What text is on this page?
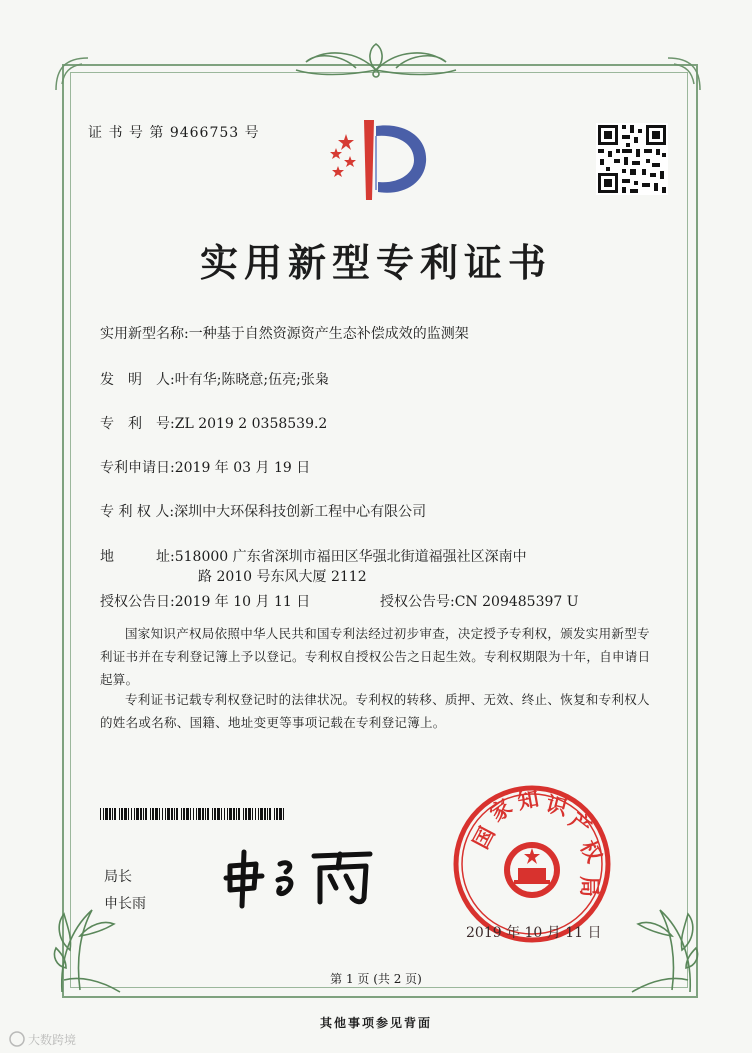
证 书 号 第 9466753 号
实用新型专利证书
实用新型名称:一种基于自然资源资产生态补偿成效的监测架
发　明　人:叶有华;陈晓意;伍亮;张枭
专　利　号:ZL 2019 2 0358539.2
专利申请日:2019 年 03 月 19 日
专 利 权 人:深圳中大环保科技创新工程中心有限公司
地　　　址:518000 广东省深圳市福田区华强北街道福强社区深南中
路 2010 号东风大厦 2112
授权公告日:2019 年 10 月 11 日	授权公告号:CN 209485397 U
国家知识产权局依照中华人民共和国专利法经过初步审查，决定授予专利权，颁发实用新型专利证书并在专利登记簿上予以登记。专利权自授权公告之日起生效。专利权期限为十年，自申请日起算。
专利证书记载专利权登记时的法律状况。专利权的转移、质押、无效、终止、恢复和专利权人的姓名或名称、国籍、地址变更等事项记载在专利登记簿上。
局长
申长雨
国
家 知 识
产
权
局
2019 年 10 月 11 日
第 1 页 (共 2 页)
其他事项参见背面
大数跨境
